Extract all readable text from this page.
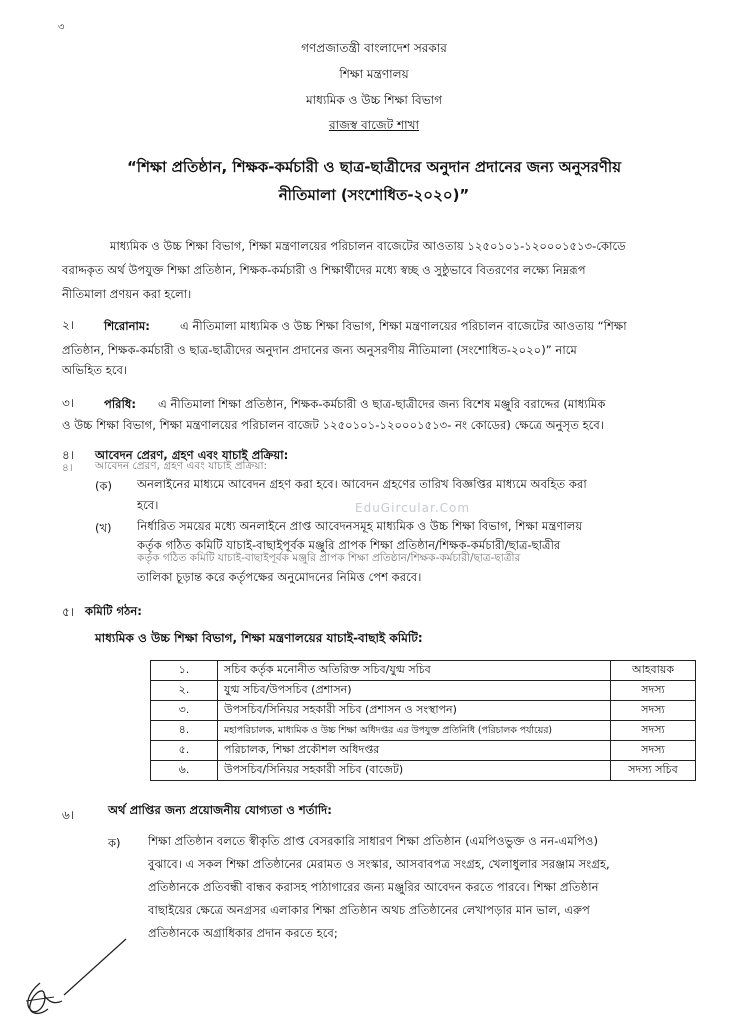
৩
গণপ্রজাতন্ত্রী বাংলাদেশ সরকার
শিক্ষা মন্ত্রণালয়
মাধ্যমিক ও উচ্চ শিক্ষা বিভাগ
রাজস্ব বাজেট শাখা
“শিক্ষা প্রতিষ্ঠান, শিক্ষক-কর্মচারী ও ছাত্র-ছাত্রীদের অনুদান প্রদানের জন্য অনুসরণীয়
নীতিমালা (সংশোধিত-২০২০)”
মাধ্যমিক ও উচ্চ শিক্ষা বিভাগ, শিক্ষা মন্ত্রণালয়ের পরিচালন বাজেটের আওতায় ১২৫০১০১-১২০০০১৫১৩-কোডে
বরাদ্দকৃত অর্থ উপযুক্ত শিক্ষা প্রতিষ্ঠান, শিক্ষক-কর্মচারী ও শিক্ষার্থীদের মধ্যে স্বচ্ছ ও সুষ্ঠুভাবে বিতরণের লক্ষ্যে নিম্নরূপ
নীতিমালা প্রণয়ন করা হলো।
২।	শিরোনাম:	এ নীতিমালা মাধ্যমিক ও উচ্চ শিক্ষা বিভাগ, শিক্ষা মন্ত্রণালয়ের পরিচালন বাজেটের আওতায় “শিক্ষা
প্রতিষ্ঠান, শিক্ষক-কর্মচারী ও ছাত্র-ছাত্রীদের অনুদান প্রদানের জন্য অনুসরণীয় নীতিমালা (সংশোধিত-২০২০)” নামে
অভিহিত হবে।
৩।	পরিধি: এ নীতিমালা শিক্ষা প্রতিষ্ঠান, শিক্ষক-কর্মচারী ও ছাত্র-ছাত্রীদের জন্য বিশেষ মঞ্জুরি বরাদ্দের (মাধ্যমিক
ও উচ্চ শিক্ষা বিভাগ, শিক্ষা মন্ত্রণালয়ের পরিচালন বাজেট ১২৫০১০১-১২০০০১৫১৩- নং কোডের) ক্ষেত্রে অনুসৃত হবে।
৪। আবেদন প্রেরণ, গ্রহণ এবং যাচাই প্রক্রিয়া:
৪। আবেদন প্রেরণ, গ্রহণ এবং যাচাই প্রক্রিয়া:
(ক) অনলাইনের মাধ্যমে আবেদন গ্রহণ করা হবে। আবেদন গ্রহণের তারিখ বিজ্ঞপ্তির মাধ্যমে অবহিত করা
হবে।	EduGircular.Com
(খ) নির্ধারিত সময়ের মধ্যে অনলাইনে প্রাপ্ত আবেদনসমূহ মাধ্যমিক ও উচ্চ শিক্ষা বিভাগ, শিক্ষা মন্ত্রণালয়
কর্তৃক গঠিত কমিটি যাচাই-বাছাইপূর্বক মঞ্জুরি প্রাপক শিক্ষা প্রতিষ্ঠান/শিক্ষক-কর্মচারী/ছাত্র-ছাত্রীর
কর্তৃক গঠিত কমিটি যাচাই-বাছাইপূর্বক মঞ্জুরি প্রাপক শিক্ষা প্রতিষ্ঠান/শিক্ষক-কর্মচারী/ছাত্র-ছাত্রীর
তালিকা চূড়ান্ত করে কর্তৃপক্ষের অনুমোদনের নিমিত্ত পেশ করবে।
৫। কমিটি গঠন:
মাধ্যমিক ও উচ্চ শিক্ষা বিভাগ, শিক্ষা মন্ত্রণালয়ের যাচাই-বাছাই কমিটি:
১.	সচিব কর্তৃক মনোনীত অতিরিক্ত সচিব/যুগ্ম সচিব	আহবায়ক
২.	যুগ্ম সচিব/উপসচিব (প্রশাসন)	সদস্য
৩.	উপসচিব/সিনিয়র সহকারী সচিব (প্রশাসন ও সংস্থাপন)	সদস্য
৪.	মহাপরিচালক, মাধ্যমিক ও উচ্চ শিক্ষা অধিদপ্তর এর উপযুক্ত প্রতিনিধি (পরিচালক পর্যায়ের)	সদস্য
৫.	পরিচালক, শিক্ষা প্রকৌশল অধিদপ্তর	সদস্য
৬.	উপসচিব/সিনিয়র সহকারী সচিব (বাজেট)	সদস্য সচিব
৬।	অর্থ প্রাপ্তির জন্য প্রয়োজনীয় যোগ্যতা ও শর্তাদি:
ক) শিক্ষা প্রতিষ্ঠান বলতে স্বীকৃতি প্রাপ্ত বেসরকারি সাধারণ শিক্ষা প্রতিষ্ঠান (এমপিওভুক্ত ও নন-এমপিও)
বুঝাবে। এ সকল শিক্ষা প্রতিষ্ঠানের মেরামত ও সংস্কার, আসবাবপত্র সংগ্রহ, খেলাধুলার সরঞ্জাম সংগ্রহ,
প্রতিষ্ঠানকে প্রতিবন্ধী বান্ধব করাসহ পাঠাগারের জন্য মঞ্জুরির আবেদন করতে পারবে। শিক্ষা প্রতিষ্ঠান
বাছাইয়ের ক্ষেত্রে অনগ্রসর এলাকার শিক্ষা প্রতিষ্ঠান অথচ প্রতিষ্ঠানের লেখাপড়ার মান ভাল, এরুপ
প্রতিষ্ঠানকে অগ্রাধিকার প্রদান করতে হবে;
